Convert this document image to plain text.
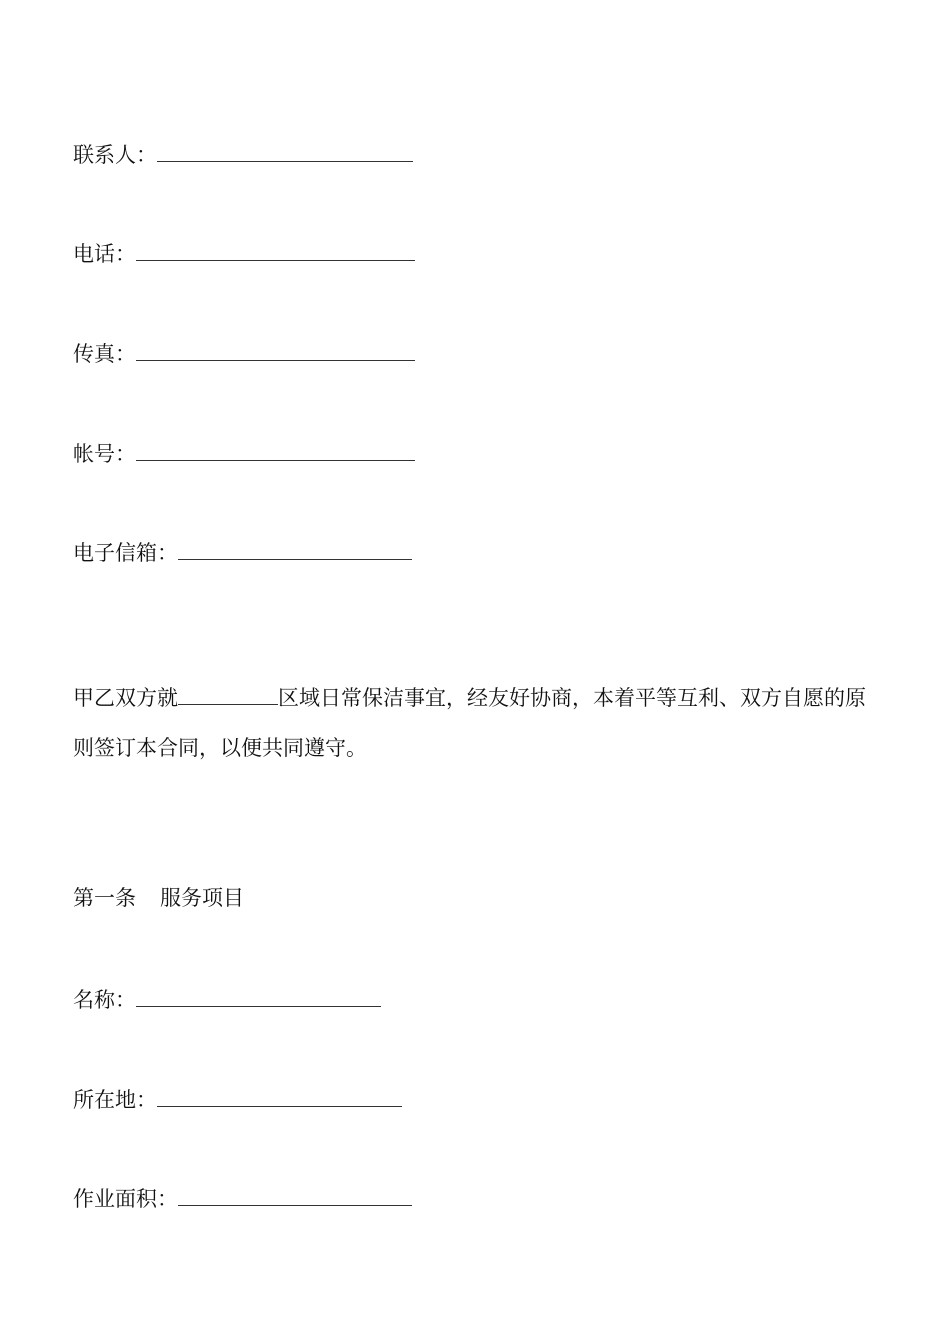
联系人：
电话：
传真：
帐号：
电子信箱：
甲乙双方就	区域日常保洁事宜，经友好协商，本着平等互利、双方自愿的原则签订本合同，以便共同遵守。
第一条 服务项目
名称：
所在地：
作业面积：
